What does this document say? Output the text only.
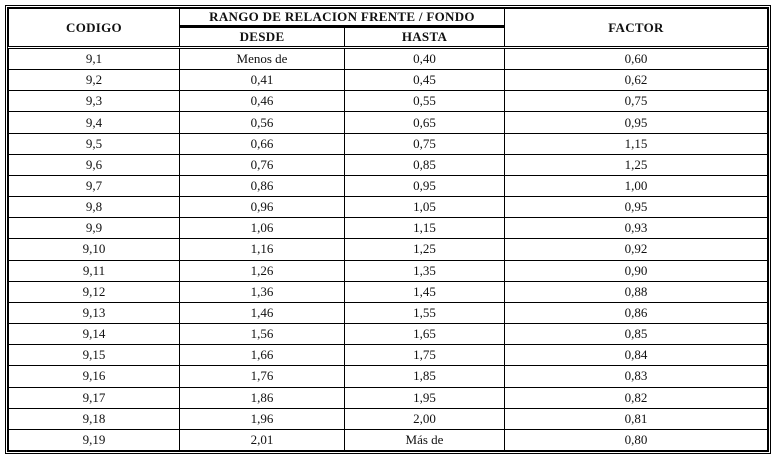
CODIGO	RANGO DE RELACION FRENTE / FONDO		FACTOR
	DESDE	HASTA	
9,1	Menos de	0,40	0,60
9,2	0,41	0,45	0,62
9,3	0,46	0,55	0,75
9,4	0,56	0,65	0,95
9,5	0,66	0,75	1,15
9,6	0,76	0,85	1,25
9,7	0,86	0,95	1,00
9,8	0,96	1,05	0,95
9,9	1,06	1,15	0,93
9,10	1,16	1,25	0,92
9,11	1,26	1,35	0,90
9,12	1,36	1,45	0,88
9,13	1,46	1,55	0,86
9,14	1,56	1,65	0,85
9,15	1,66	1,75	0,84
9,16	1,76	1,85	0,83
9,17	1,86	1,95	0,82
9,18	1,96	2,00	0,81
9,19	2,01	Más de	0,80
